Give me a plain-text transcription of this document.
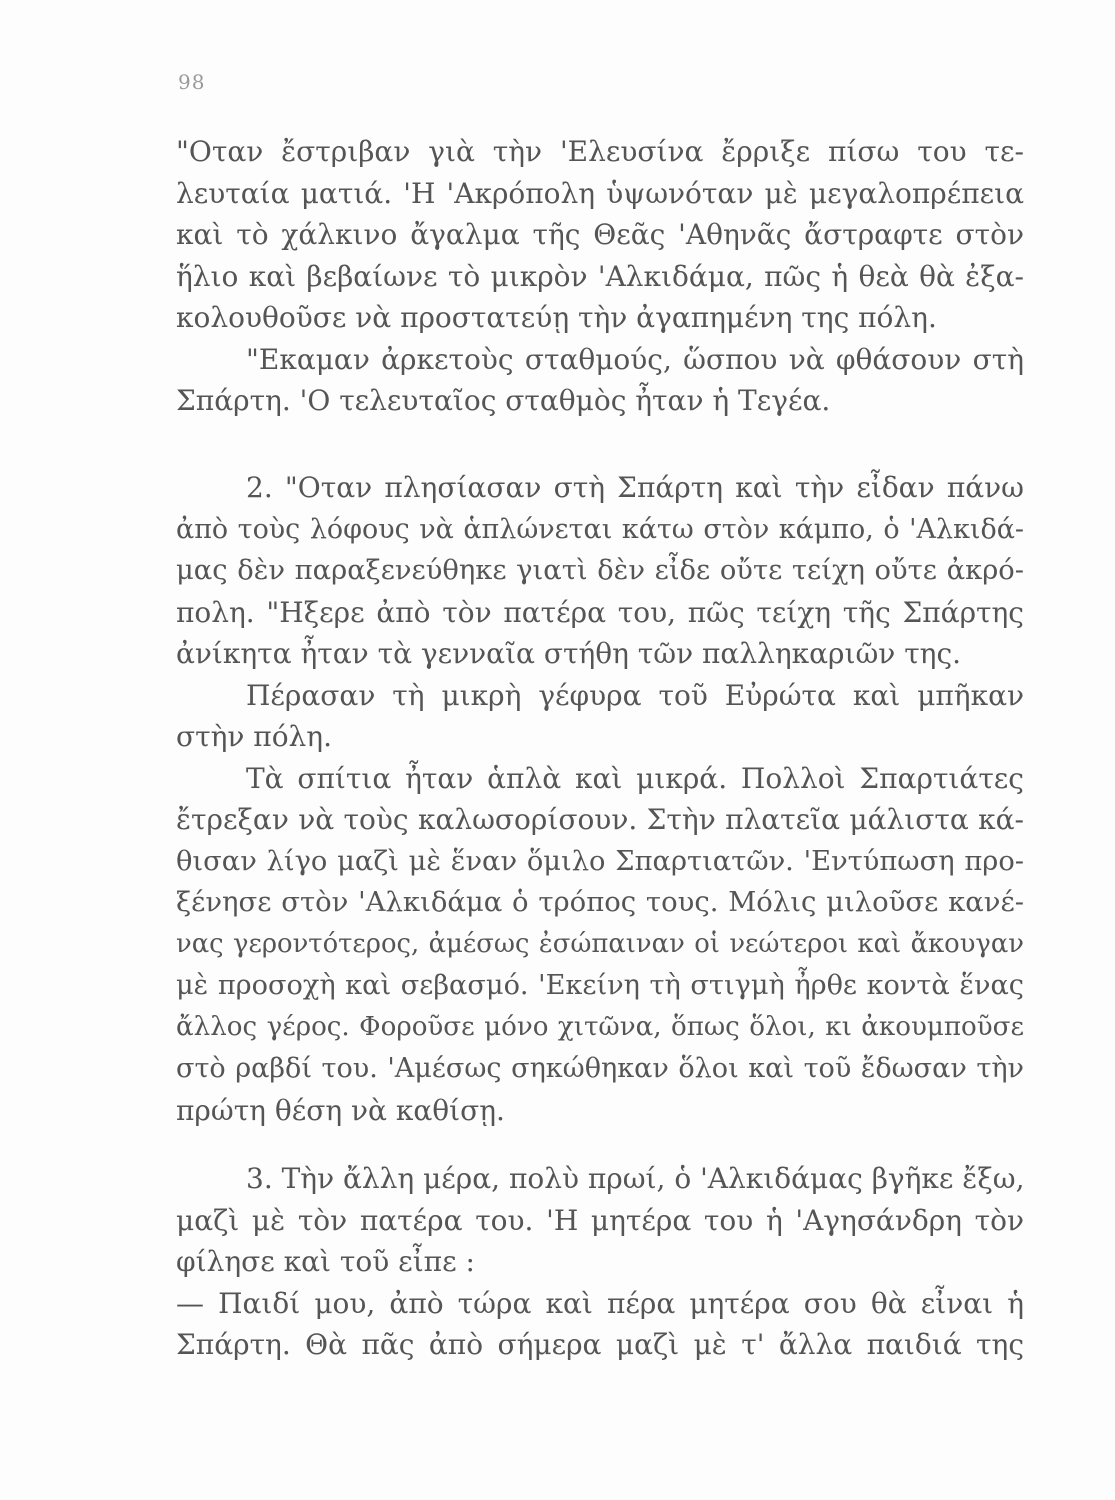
98
"Οταν ἔστριβαν γιὰ τὴν 'Ελευσίνα ἔρριξε πίσω του τε-
λευταία ματιά. 'Η 'Ακρόπολη ὑψωνόταν μὲ μεγαλοπρέπεια
καὶ τὸ χάλκινο ἄγαλμα τῆς Θεᾶς 'Αθηνᾶς ἄστραφτε στὸν
ἥλιο καὶ βεβαίωνε τὸ μικρὸν 'Αλκιδάμα, πῶς ἡ θεὰ θὰ ἐξα-
κολουθοῦσε νὰ προστατεύῃ τὴν ἀγαπημένη της πόλη.
"Εκαμαν ἀρκετοὺς σταθμούς, ὥσπου νὰ φθάσουν στὴ
Σπάρτη. 'Ο τελευταῖος σταθμὸς ἦταν ἡ Τεγέα.
2. "Οταν πλησίασαν στὴ Σπάρτη καὶ τὴν εἶδαν πάνω
ἀπὸ τοὺς λόφους νὰ ἁπλώνεται κάτω στὸν κάμπο, ὁ 'Αλκιδά-
μας δὲν παραξενεύθηκε γιατὶ δὲν εἶδε οὔτε τείχη οὔτε ἀκρό-
πολη. "Ηξερε ἀπὸ τὸν πατέρα του, πῶς τείχη τῆς Σπάρτης
ἀνίκητα ἦταν τὰ γενναῖα στήθη τῶν παλληκαριῶν της.
Πέρασαν τὴ μικρὴ γέφυρα τοῦ Εὐρώτα καὶ μπῆκαν
στὴν πόλη.
Τὰ σπίτια ἦταν ἁπλὰ καὶ μικρά. Πολλοὶ Σπαρτιάτες
ἔτρεξαν νὰ τοὺς καλωσορίσουν. Στὴν πλατεῖα μάλιστα κά-
θισαν λίγο μαζὶ μὲ ἕναν ὅμιλο Σπαρτιατῶν. 'Εντύπωση προ-
ξένησε στὸν 'Αλκιδάμα ὁ τρόπος τους. Μόλις μιλοῦσε κανέ-
νας γεροντότερος, ἀμέσως ἐσώπαιναν οἱ νεώτεροι καὶ ἄκουγαν
μὲ προσοχὴ καὶ σεβασμό. 'Εκείνη τὴ στιγμὴ ἦρθε κοντὰ ἕνας
ἄλλος γέρος. Φοροῦσε μόνο χιτῶνα, ὅπως ὅλοι, κι ἀκουμποῦσε
στὸ ραβδί του. 'Αμέσως σηκώθηκαν ὅλοι καὶ τοῦ ἔδωσαν τὴν
πρώτη θέση νὰ καθίσῃ.
3. Τὴν ἄλλη μέρα, πολὺ πρωί, ὁ 'Αλκιδάμας βγῆκε ἔξω,
μαζὶ μὲ τὸν πατέρα του. 'Η μητέρα του ἡ 'Αγησάνδρη τὸν
φίλησε καὶ τοῦ εἶπε :
— Παιδί μου, ἀπὸ τώρα καὶ πέρα μητέρα σου θὰ εἶναι ἡ
Σπάρτη. Θὰ πᾶς ἀπὸ σήμερα μαζὶ μὲ τ' ἄλλα παιδιά της
